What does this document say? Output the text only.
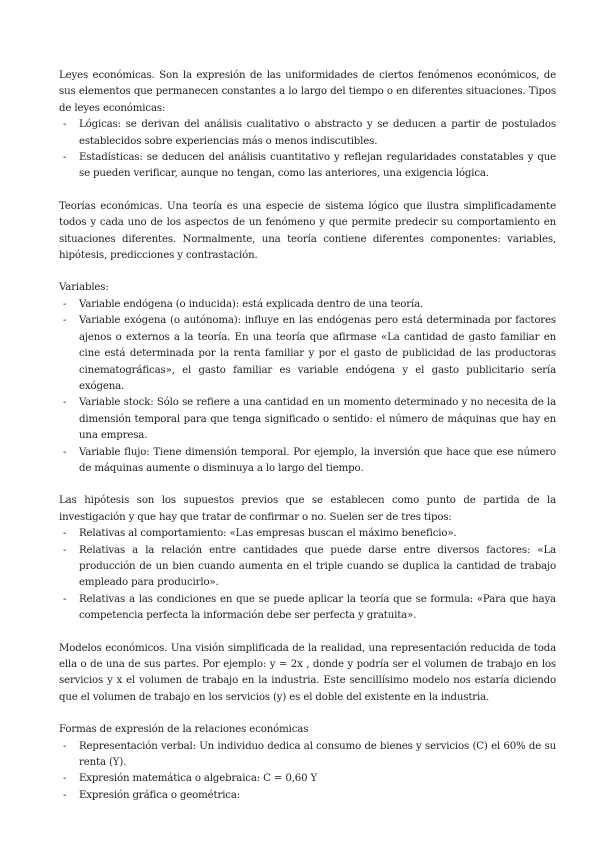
Leyes económicas. Son la expresión de las uniformidades de ciertos fenómenos económicos, de sus elementos que permanecen constantes a lo largo del tiempo o en diferentes situaciones. Tipos de leyes económicas:

- Lógicas: se derivan del análisis cualitativo o abstracto y se deducen a partir de postulados establecidos sobre experiencias más o menos indiscutibles.
- Estadísticas: se deducen del análisis cuantitativo y reflejan regularidades constatables y que se pueden verificar, aunque no tengan, como las anteriores, una exigencia lógica.

Teorías económicas. Una teoría es una especie de sistema lógico que ilustra simplificadamente todos y cada uno de los aspectos de un fenómeno y que permite predecir su comportamiento en situaciones diferentes. Normalmente, una teoría contiene diferentes componentes: variables, hipótesis, predicciones y contrastación.

Variables:

- Variable endógena (o inducida): está explicada dentro de una teoría.
- Variable exógena (o autónoma): influye en las endógenas pero está determinada por factores ajenos o externos a la teoría. En una teoría que afirmase «La cantidad de gasto familiar en cine está determinada por la renta familiar y por el gasto de publicidad de las productoras cinematográficas», el gasto familiar es variable endógena y el gasto publicitario sería exógena.
- Variable stock: Sólo se refiere a una cantidad en un momento determinado y no necesita de la dimensión temporal para que tenga significado o sentido: el número de máquinas que hay en una empresa.
- Variable flujo: Tiene dimensión temporal. Por ejemplo, la inversión que hace que ese número de máquinas aumente o disminuya a lo largo del tiempo.

Las hipótesis son los supuestos previos que se establecen como punto de partida de la investigación y que hay que tratar de confirmar o no. Suelen ser de tres tipos:

- Relativas al comportamiento: «Las empresas buscan el máximo beneficio».
- Relativas a la relación entre cantidades que puede darse entre diversos factores: «La producción de un bien cuando aumenta en el triple cuando se duplica la cantidad de trabajo empleado para producirlo».
- Relativas a las condiciones en que se puede aplicar la teoría que se formula: «Para que haya competencia perfecta la información debe ser perfecta y gratuita».

Modelos económicos. Una visión simplificada de la realidad, una representación reducida de toda ella o de una de sus partes. Por ejemplo: y = 2x , donde y podría ser el volumen de trabajo en los servicios y x el volumen de trabajo en la industria. Este sencillísimo modelo nos estaría diciendo que el volumen de trabajo en los servicios (y) es el doble del existente en la industria.

Formas de expresión de la relaciones económicas

- Representación verbal: Un individuo dedica al consumo de bienes y servicios (C) el 60% de su renta (Y).
- Expresión matemática o algebraica: C = 0,60 Y
- Expresión gráfica o geométrica:
